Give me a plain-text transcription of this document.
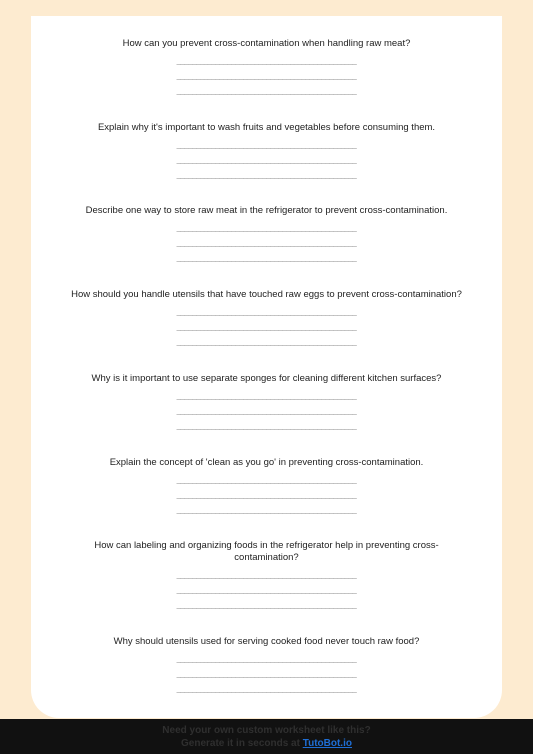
How can you prevent cross-contamination when handling raw meat?
______________________________________________
______________________________________________
______________________________________________
Explain why it's important to wash fruits and vegetables before consuming them.
______________________________________________
______________________________________________
______________________________________________
Describe one way to store raw meat in the refrigerator to prevent cross-contamination.
______________________________________________
______________________________________________
______________________________________________
How should you handle utensils that have touched raw eggs to prevent cross-contamination?
______________________________________________
______________________________________________
______________________________________________
Why is it important to use separate sponges for cleaning different kitchen surfaces?
______________________________________________
______________________________________________
______________________________________________
Explain the concept of 'clean as you go' in preventing cross-contamination.
______________________________________________
______________________________________________
______________________________________________
How can labeling and organizing foods in the refrigerator help in preventing cross-contamination?
______________________________________________
______________________________________________
______________________________________________
Why should utensils used for serving cooked food never touch raw food?
______________________________________________
______________________________________________
______________________________________________
Need your own custom worksheet like this?
Generate it in seconds at TutoBot.io
